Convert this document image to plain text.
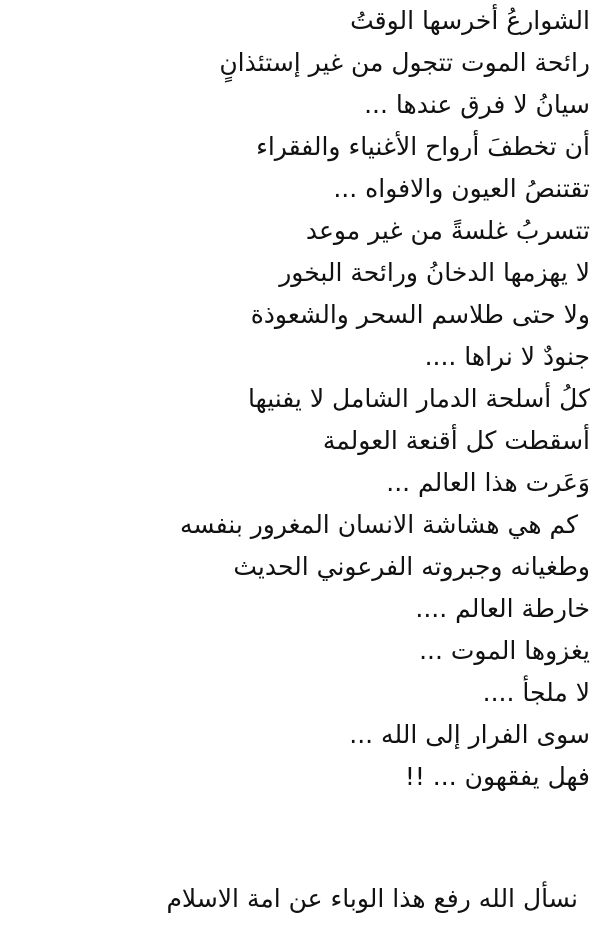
الشوارعُ أخرسها الوقتُ
رائحة الموت تتجول من غير إستئذانٍ
سيانُ لا فرق عندها ...
أن تخطفَ أرواح الأغنياء والفقراء
تقتنصُ العيون والافواه ...
تتسربُ غلسةً من غير موعد
لا يهزمها الدخانُ ورائحة البخور
ولا حتى طلاسم السحر والشعوذة
جنودٌ لا نراها ....
كلُ أسلحة الدمار الشامل لا يفنيها
أسقطت كل أقنعة العولمة
وَعَرت هذا العالم ...
كم هي هشاشة الانسان المغرور بنفسه
وطغيانه وجبروته الفرعوني الحديث
خارطة العالم ....
يغزوها الموت ...
لا ملجأ ....
سوى الفرار إلى الله ...
فهل يفقهون ... !!
نسأل الله رفع هذا الوباء عن امة الاسلام
